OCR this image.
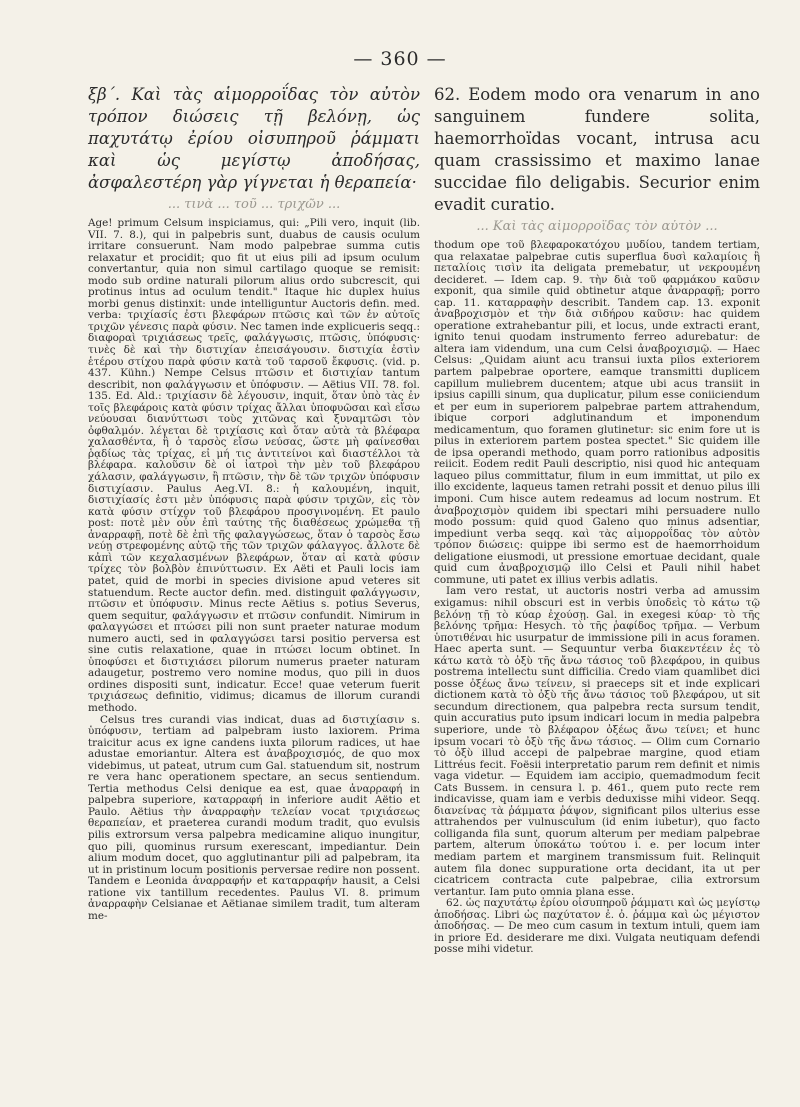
— 360 —

ξβ΄. Καὶ τὰς αἱμορροΐδας τὸν αὐτὸν τρόπον διώσεις τῇ βελόνῃ, ὡς παχυτάτῳ ἐρίου οἰσυπηροῦ ῥάμματι καὶ ὡς μεγίστῳ ἀποδήσας, ἀσφαλεστέρη γὰρ γίγνεται ἡ θεραπεία·

... τινὰ ... τοῦ ... τριχῶν ...

Age! primum Celsum inspiciamus, qui: „Pili vero, inquit (lib. VII. 7. 8.), qui in palpebris sunt, duabus de causis oculum irritare consuerunt. Nam modo palpebrae summa cutis relaxatur et procidit; quo fit ut eius pili ad ipsum oculum convertantur, quia non simul cartilago quoque se remisit: modo sub ordine naturali pilorum alius ordo subcrescit, qui protinus intus ad oculum tendit." Itaque hic duplex huius morbi genus distinxit: unde intelliguntur Auctoris defin. med. verba: τριχίασίς ἐστι βλεφάρων πτῶσις καὶ τῶν ἐν αὐτοῖς τριχῶν γένεσις παρὰ φύσιν. Nec tamen inde explicueris seqq.: διαφοραὶ τριχιάσεως τρεῖς, φαλάγγωσις, πτῶσις, ὑπόφυσις· τινὲς δὲ καὶ τὴν διστιχίαν ἐπεισάγουσιν. διστιχία ἐστὶν ἑτέρου στίχου παρὰ φύσιν κατὰ τοῦ ταρσοῦ ἔκφυσις. (vid. p. 437. Kühn.) Nempe Celsus πτῶσιν et διστιχίαν tantum describit, non φαλάγγωσιν et ὑπόφυσιν. — Aëtius VII. 78. fol. 135. Ed. Ald.: τριχίασιν δὲ λέγουσιν, inquit, ὅταν ὑπὸ τὰς ἐν τοῖς βλεφάροις κατὰ φύσιν τρίχας ἄλλαι ὑποφυῶσαι καὶ εἴσω νεύουσαι διανύττωσι τοὺς χιτῶνας καὶ ξυναμτῶσι τὸν ὀφθαλμόν. λέγεται δὲ τριχίασις καὶ ὅταν αὐτὰ τὰ βλέφαρα χαλασθέντα, ἢ ὁ ταρσὸς εἴσω νεύσας, ὥστε μὴ φαίνεσθαι ῥᾳδίως τὰς τρίχας, εἰ μή τις ἀντιτείνοι καὶ διαστέλλοι τὰ βλέφαρα. καλοῦσιν δὲ οἱ ἰατροὶ τὴν μὲν τοῦ βλεφάρου χάλασιν, φαλάγγωσιν, ἢ πτῶσιν, τὴν δὲ τῶν τριχῶν ὑπόφυσιν διστιχίασιν. Paulus Aeg.VI. 8.: ἡ καλουμένη, inquit, διστιχίασίς ἐστι μὲν ὑπόφυσις παρὰ φύσιν τριχῶν, εἰς τὸν κατὰ φύσιν στίχον τοῦ βλεφάρου προσγινομένη. Et paulo post: ποτὲ μὲν οὖν ἐπὶ ταύτης τῆς διαθέσεως χρώμεθα τῇ ἀναρραφῇ, ποτὲ δὲ ἐπὶ τῆς φαλαγγώσεως, ὅταν ὁ ταρσὸς ἔσω νεύῃ στρεφομένης αὐτῷ τῆς τῶν τριχῶν φάλαγγος. ἄλλοτε δὲ κἀπὶ τῶν κεχαλασμένων βλεφάρων, ὅταν αἱ κατὰ φύσιν τρίχες τὸν βολβὸν ἐπινύττωσιν. Ex Aëti et Pauli locis iam patet, quid de morbi in species divisione apud veteres sit statuendum. Recte auctor defin. med. distinguit φαλάγγωσιν, πτῶσιν et ὑπόφυσιν. Minus recte Aëtius s. potius Severus, quem sequitur, φαλάγγωσιν et πτῶσιν confundit. Nimirum in φαλαγγώσει et πτώσει pili non sunt praeter naturae modum numero aucti, sed in φαλαγγώσει tarsi positio perversa est sine cutis relaxatione, quae in πτώσει locum obtinet. In ὑποφύσει et διστιχιάσει pilorum numerus praeter naturam adaugetur, postremo vero nomine modus, quo pili in duos ordines dispositi sunt, indicatur. Ecce! quae veterum fuerit τριχιάσεως definitio, vidimus; dicamus de illorum curandi methodo.

Celsus tres curandi vias indicat, duas ad διστιχίασιν s. ὑπόφυσιν, tertiam ad palpebram iusto laxiorem. Prima traicitur acus ex igne candens iuxta pilorum radices, ut hae adustae emoriantur. Altera est ἀναβροχισμός, de quo mox videbimus, ut pateat, utrum cum Gal. statuendum sit, nostrum re vera hanc operationem spectare, an secus sentiendum. Tertia methodus Celsi denique ea est, quae ἀναρραφή in palpebra superiore, καταρραφή in inferiore audit Aëtio et Paulo. Aëtius τὴν ἀναρραφὴν τελείαν vocat τριχιάσεως θεραπείαν, et praeterea curandi modum tradit, quo evulsis pilis extrorsum versa palpebra medicamine aliquo inungitur, quo pili, quominus rursum exerescant, impediantur. Dein alium modum docet, quo agglutinantur pili ad palpebram, ita ut in pristinum locum positionis perversae redire non possent. Tandem e Leonida ἀναρραφήν et καταρραφήν hausit, a Celsi ratione vix tantillum recedentes. Paulus VI. 8. primum ἀναρραφὴν Celsianae et Aëtianae similem tradit, tum alteram me-

62. Eodem modo ora venarum in ano sanguinem fundere solita, haemorrhoïdas vocant, intrusa acu quam crassissimo et maximo lanae succidae filo deligabis. Securior enim evadit curatio.

... Καὶ τὰς αἱμορροΐδας τὸν αὐτὸν ...

thodum ope τοῦ βλεφαροκατόχου μυδίου, tandem tertiam, qua relaxatae palpebrae cutis superflua δυσὶ καλαμίοις ἢ πεταλίοις τισὶν ita deligata premebatur, ut νεκρουμένη decideret. — Idem cap. 9. τὴν διὰ τοῦ φαρμάκου καῦσιν exponit, qua simile quid obtinetur atque ἀναρραφῇ; porro cap. 11. καταρραφὴν describit. Tandem cap. 13. exponit ἀναβροχισμὸν et τὴν διὰ σιδήρου καῦσιν: hac quidem operatione extrahebantur pili, et locus, unde extracti erant, ignito tenui quodam instrumento ferreo adurebatur: de altera iam videndum, una cum Celsi ἀναβροχισμῷ. — Haec Celsus: „Quidam aiunt acu transui iuxta pilos exteriorem partem palpebrae oportere, eamque transmitti duplicem capillum muliebrem ducentem; atque ubi acus transiit in ipsius capilli sinum, qua duplicatur, pilum esse coniiciendum et per eum in superiorem palpebrae partem attrahendum, ibique corpori adglutinandum et imponendum medicamentum, quo foramen glutinetur: sic enim fore ut is pilus in exteriorem partem postea spectet." Sic quidem ille de ipsa operandi methodo, quam porro rationibus adpositis reiicit. Eodem redit Pauli descriptio, nisi quod hic antequam laqueo pilus committatur, filum in eum immittat, ut pilo ex illo excidente, laqueus tamen retrahi possit et denuo pilus illi imponi. Cum hisce autem redeamus ad locum nostrum. Et ἀναβροχισμὸν quidem ibi spectari mihi persuadere nullo modo possum: quid quod Galeno quo minus adsentiar, impediunt verba seqq. καὶ τὰς αἱμορροΐδας τὸν αὐτὸν τρόπον διώσεις: quippe ibi sermo est de haemorrhoidum deligatione eiusmodi, ut pressione emortuae decidant, quale quid cum ἀναβροχισμῷ illo Celsi et Pauli nihil habet commune, uti patet ex illius verbis adlatis.

Iam vero restat, ut auctoris nostri verba ad amussim exigamus: nihil obscuri est in verbis ὑποδεὶς τὸ κάτω τῷ βελόνῃ τῇ τὸ κύαρ ἐχούσῃ. Gal. in exegesi κύαρ· τὸ τῆς βελόνης τρῆμα: Hesych. τὸ τῆς ῥαφίδος τρῆμα. — Verbum ὑποτιθέναι hic usurpatur de immissione pili in acus foramen. Haec aperta sunt. — Sequuntur verba διακεντέειν ἐς τὸ κάτω κατὰ τὸ ὀξὺ τῆς ἄνω τάσιος τοῦ βλεφάρου, in quibus postrema intellectu sunt difficilia. Credo viam quamlibet dici posse ὀξέως ἄνω τείνειν, si praeceps sit et inde explicari dictionem κατὰ τὸ ὀξὺ τῆς ἄνω τάσιος τοῦ βλεφάρου, ut sit secundum directionem, qua palpebra recta sursum tendit, quin accuratius puto ipsum indicari locum in media palpebra superiore, unde τὸ βλέφαρον ὀξέως ἄνω τείνει; et hunc ipsum vocari τὸ ὀξὺ τῆς ἄνω τάσιος. — Olim cum Cornario τὸ ὀξὺ illud accepi de palpebrae margine, quod etiam Littréus fecit. Foësii interpretatio parum rem definit et nimis vaga videtur. — Equidem iam accipio, quemadmodum fecit Cats Bussem. in censura l. p. 461., quem puto recte rem indicavisse, quam iam e verbis deduxisse mihi videor. Seqq. διανείνας τὰ ῥάμματα ῥάψον, significant pilos ulterius esse attrahendos per vulnusculum (id enim iubetur), quo facto colliganda fila sunt, quorum alterum per mediam palpebrae partem, alterum ὑποκάτω τούτου i. e. per locum inter mediam partem et marginem transmissum fuit. Relinquit autem fila donec suppuratione orta decidant, ita ut per cicatricem contracta cute palpebrae, cilia extrorsum vertantur. Iam puto omnia plana esse.

62. ὡς παχυτάτῳ ἐρίου οἰσυπηροῦ ῥάμματι καὶ ὡς μεγίστῳ ἀποδήσας. Libri ὡς παχύτατον ἐ. ὀ. ῥάμμα καὶ ὡς μέγιστον ἀποδήσας. — De meo cum casum in textum intuli, quem iam in priore Ed. desiderare me dixi. Vulgata neutiquam defendi posse mihi videtur.
